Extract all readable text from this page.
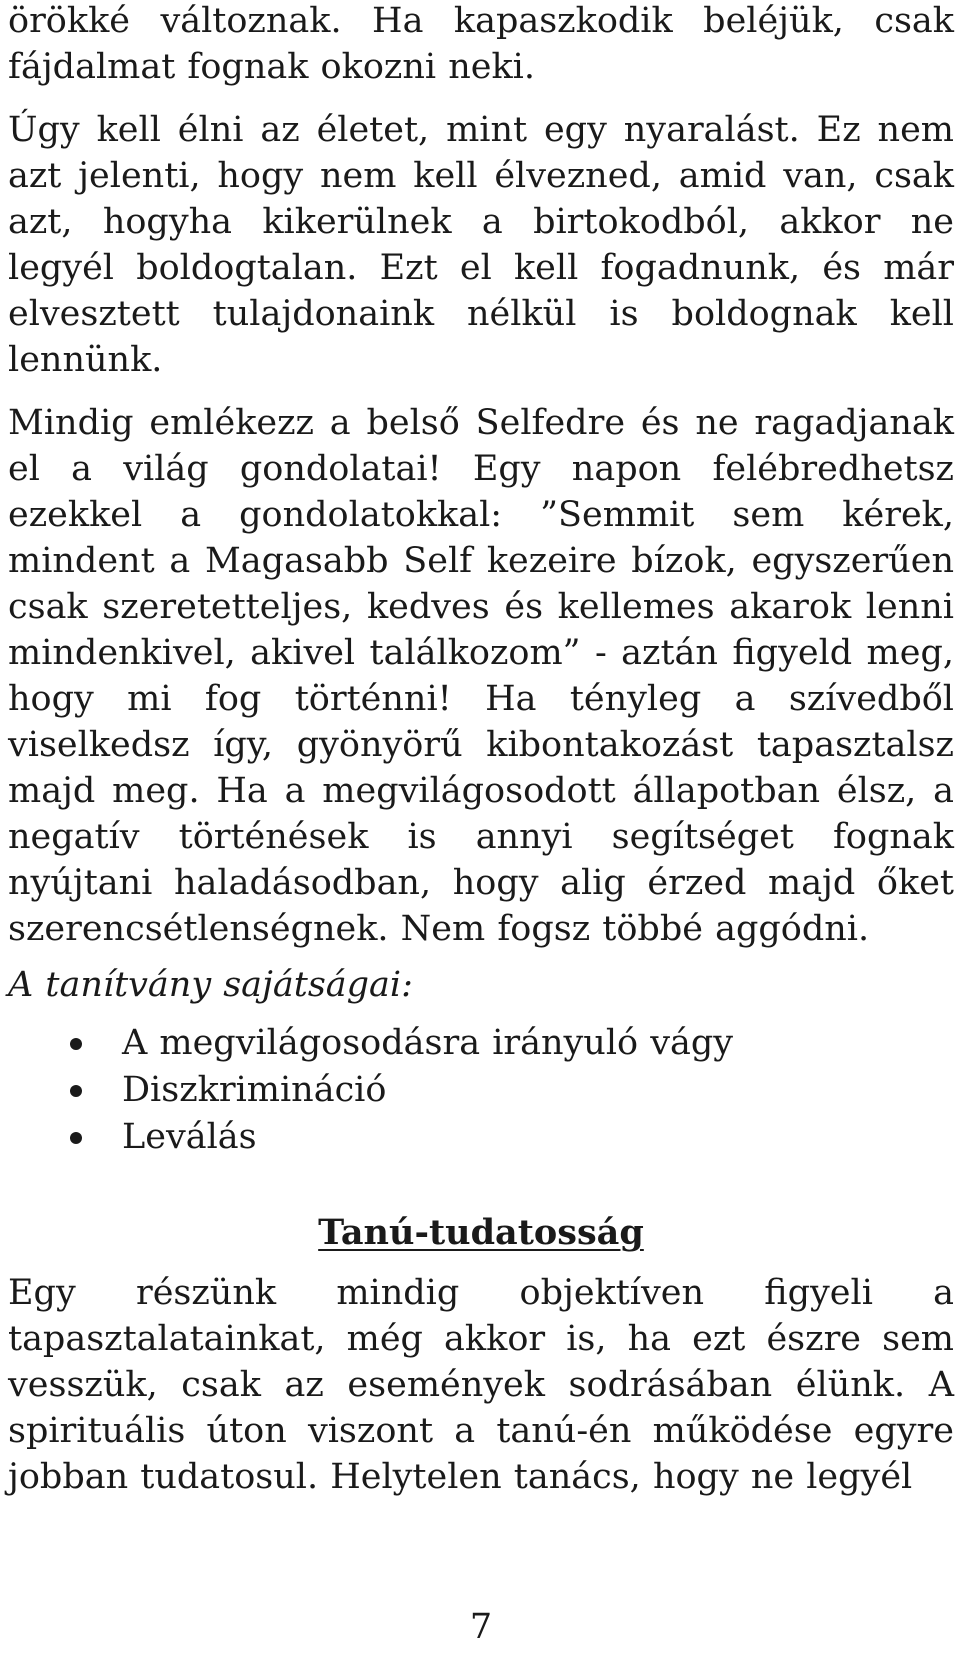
örökké változnak. Ha kapaszkodik beléjük, csak fájdalmat fognak okozni neki.

Úgy kell élni az életet, mint egy nyaralást. Ez nem azt jelenti, hogy nem kell élvezned, amid van, csak azt, hogyha kikerülnek a birtokodból, akkor ne legyél boldogtalan. Ezt el kell fogadnunk, és már elvesztett tulajdonaink nélkül is boldognak kell lennünk.

Mindig emlékezz a belső Selfedre és ne ragadjanak el a világ gondolatai! Egy napon felébredhetsz ezekkel a gondolatokkal: ”Semmit sem kérek, mindent a Magasabb Self kezeire bízok, egyszerűen csak szeretetteljes, kedves és kellemes akarok lenni mindenkivel, akivel találkozom” - aztán figyeld meg, hogy mi fog történni! Ha tényleg a szívedből viselkedsz így, gyönyörű kibontakozást tapasztalsz majd meg. Ha a megvilágosodott állapotban élsz, a negatív történések is annyi segítséget fognak nyújtani haladásodban, hogy alig érzed majd őket szerencsétlenségnek. Nem fogsz többé aggódni.

A tanítvány sajátságai:

A megvilágosodásra irányuló vágy
Diszkrimináció
Leválás

Tanú-tudatosság

Egy részünk mindig objektíven figyeli a tapasztalatainkat, még akkor is, ha ezt észre sem vesszük, csak az események sodrásában élünk. A spirituális úton viszont a tanú-én működése egyre jobban tudatosul. Helytelen tanács, hogy ne legyél

7
